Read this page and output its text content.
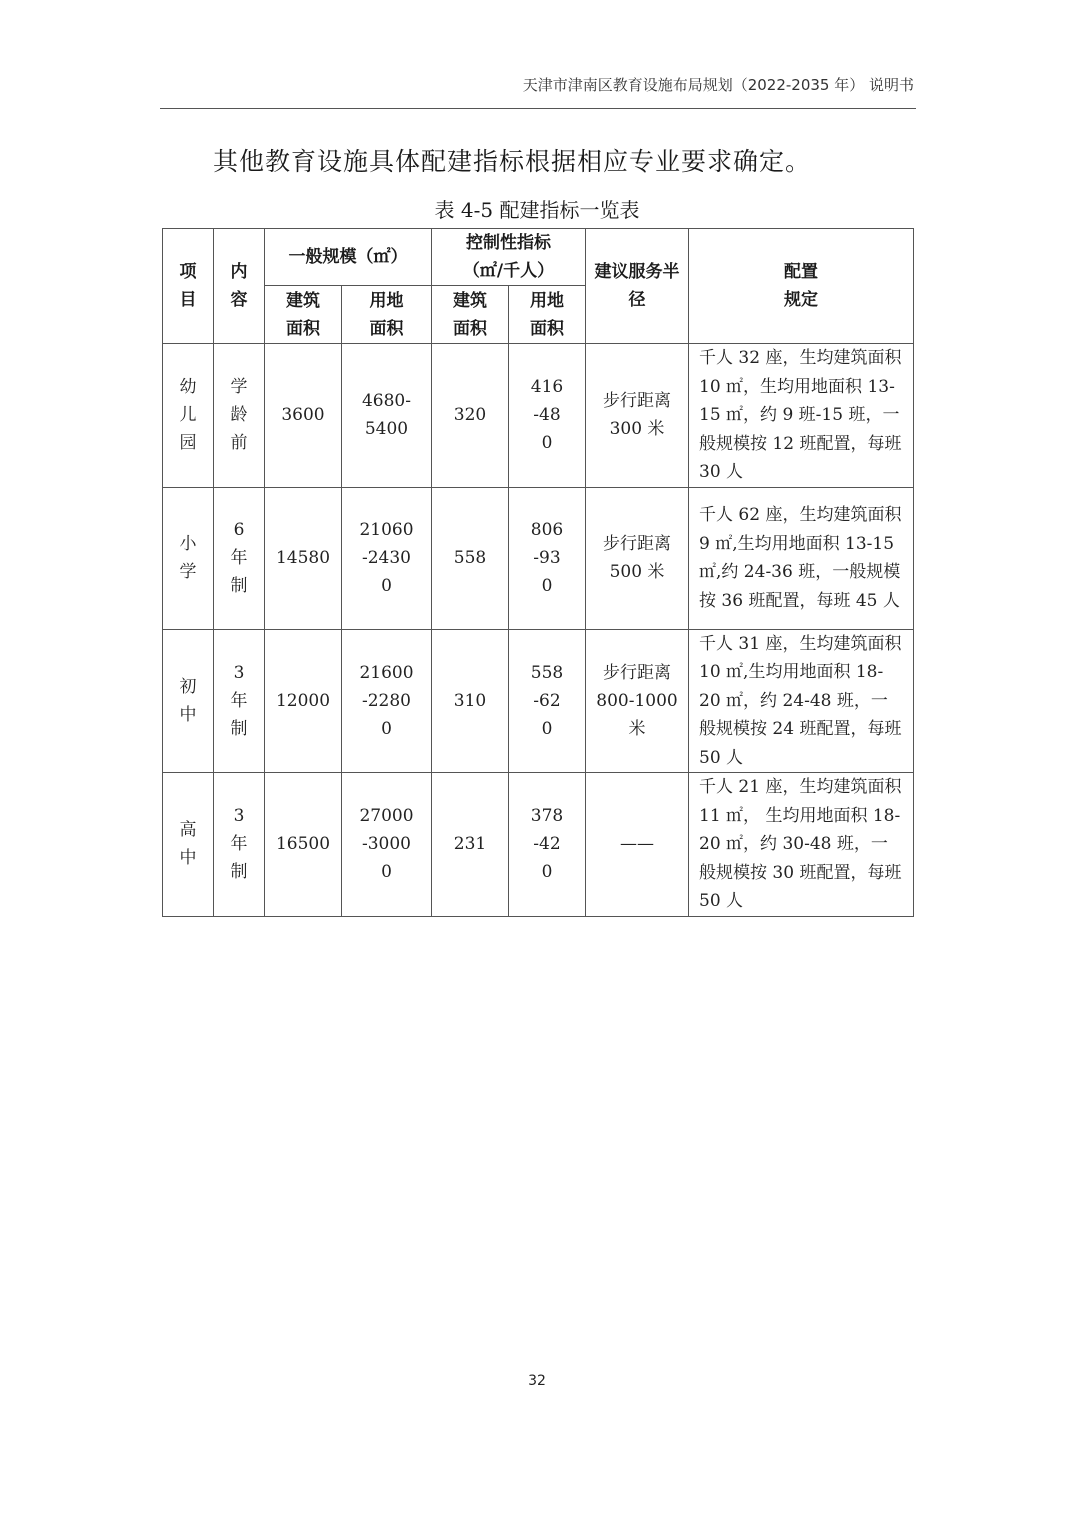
天津市津南区教育设施布局规划（2022-2035 年） 说明书
其他教育设施具体配建指标根据相应专业要求确定。
表 4-5 配建指标一览表
项目	内容	一般规模（㎡）		控制性指标（㎡/千人）		建议服务半径	配置规定
		建筑面积	用地面积	建筑面积	用地面积		
幼儿园	学龄前	3600	4680-5400	320	416-480	步行距离300 米	千人 32 座，生均建筑面积 10 ㎡，生均用地面积 13-15 ㎡，约 9 班-15 班，一般规模按 12 班配置，每班 30 人
小学	6年制	14580	21060-24300	558	806-930	步行距离500 米	千人 62 座，生均建筑面积 9 ㎡,生均用地面积 13-15 ㎡,约 24-36 班，一般规模按 36 班配置，每班 45 人
初中	3年制	12000	21600-22800	310	558-620	步行距离800-1000米	千人 31 座，生均建筑面积 10 ㎡,生均用地面积 18-20 ㎡，约 24-48 班，一般规模按 24 班配置，每班 50 人
高中	3年制	16500	27000-30000	231	378-420	——	千人 21 座，生均建筑面积 11 ㎡， 生均用地面积 18-20 ㎡，约 30-48 班，一般规模按 30 班配置，每班 50 人
32
